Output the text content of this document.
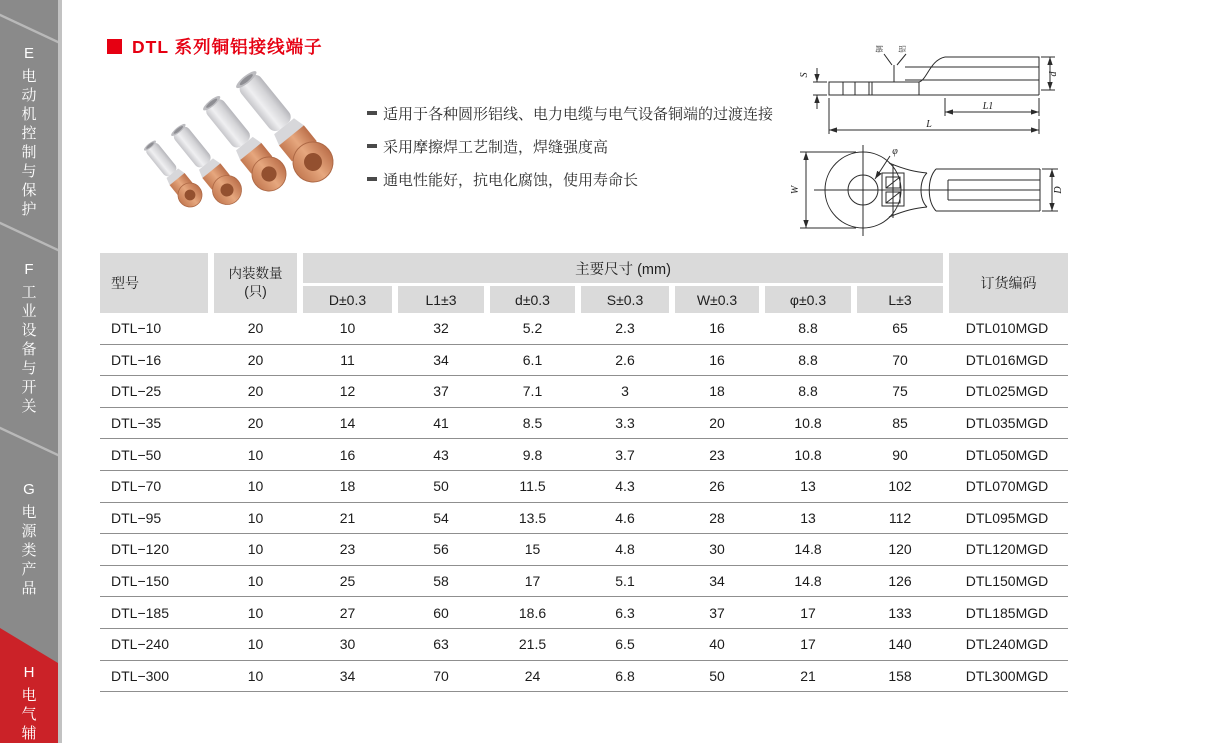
E
电动机控制与保护
F
工业设备与开关
G
电源类产品
H
电气辅
DTL 系列铜铝接线端子
适用于各种圆形铝线、电力电缆与电气设备铜端的过渡连接
采用摩擦焊工艺制造，焊缝强度高
通电性能好，抗电化腐蚀，使用寿命长
S
铜 铝
L1
L
d
W
φ
D
型号
内装数量
(只)
主要尺寸 (mm)
D±0.3	L1±3	d±0.3	S±0.3	W±0.3	φ±0.3	L±3
订货编码
DTL−10	20	10	32	5.2	2.3	16	8.8	65	DTL010MGD
DTL−16	20	11	34	6.1	2.6	16	8.8	70	DTL016MGD
DTL−25	20	12	37	7.1	3	18	8.8	75	DTL025MGD
DTL−35	20	14	41	8.5	3.3	20	10.8	85	DTL035MGD
DTL−50	10	16	43	9.8	3.7	23	10.8	90	DTL050MGD
DTL−70	10	18	50	11.5	4.3	26	13	102	DTL070MGD
DTL−95	10	21	54	13.5	4.6	28	13	112	DTL095MGD
DTL−120	10	23	56	15	4.8	30	14.8	120	DTL120MGD
DTL−150	10	25	58	17	5.1	34	14.8	126	DTL150MGD
DTL−185	10	27	60	18.6	6.3	37	17	133	DTL185MGD
DTL−240	10	30	63	21.5	6.5	40	17	140	DTL240MGD
DTL−300	10	34	70	24	6.8	50	21	158	DTL300MGD
